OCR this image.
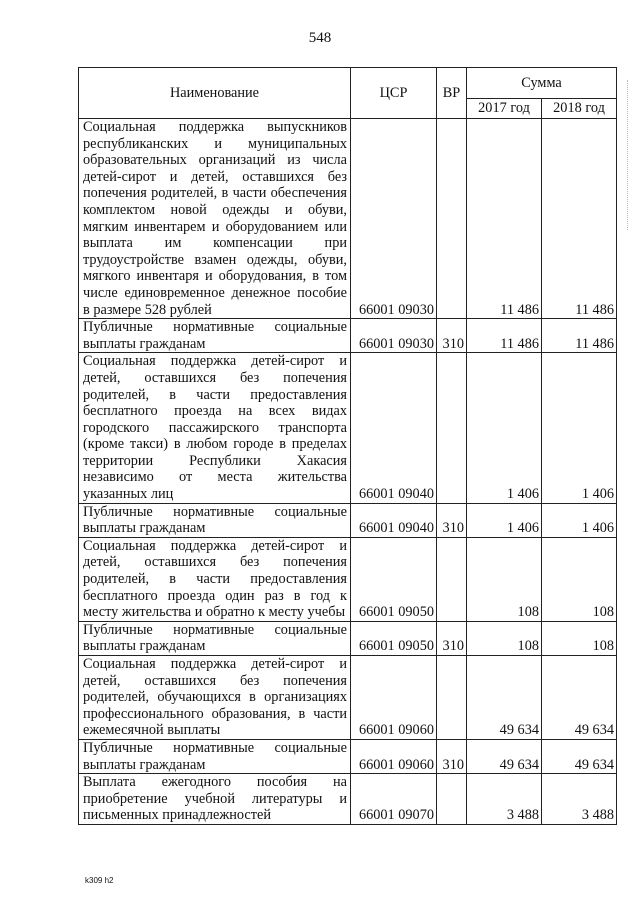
548
Наименование	ЦСР	ВР	Сумма	
			2017 год	2018 год
Социальная поддержка выпускников республиканских и муниципальных образовательных организаций из числа детей-сирот и детей, оставшихся без попечения родителей, в части обеспечения комплектом новой одежды и обуви, мягким инвентарем и оборудованием или выплата им компенсации при трудоустройстве взамен одежды, обуви, мягкого инвентаря и оборудования, в том числе единовременное денежное пособие в размере 528 рублей	66001 09030		11 486	11 486
Публичные нормативные социальные выплаты гражданам	66001 09030	310	11 486	11 486
Социальная поддержка детей-сирот и детей, оставшихся без попечения родителей, в части предоставления бесплатного проезда на всех видах городского пассажирского транспорта (кроме такси) в любом городе в пределах территории Республики Хакасия независимо от места жительства указанных лиц	66001 09040		1 406	1 406
Публичные нормативные социальные выплаты гражданам	66001 09040	310	1 406	1 406
Социальная поддержка детей-сирот и детей, оставшихся без попечения родителей, в части предоставления бесплатного проезда один раз в год к месту жительства и обратно к месту учебы	66001 09050		108	108
Публичные нормативные социальные выплаты гражданам	66001 09050	310	108	108
Социальная поддержка детей-сирот и детей, оставшихся без попечения родителей, обучающихся в организациях профессионального образования, в части ежемесячной выплаты	66001 09060		49 634	49 634
Публичные нормативные социальные выплаты гражданам	66001 09060	310	49 634	49 634
Выплата ежегодного пособия на приобретение учебной литературы и письменных принадлежностей	66001 09070		3 488	3 488
k309 h2
